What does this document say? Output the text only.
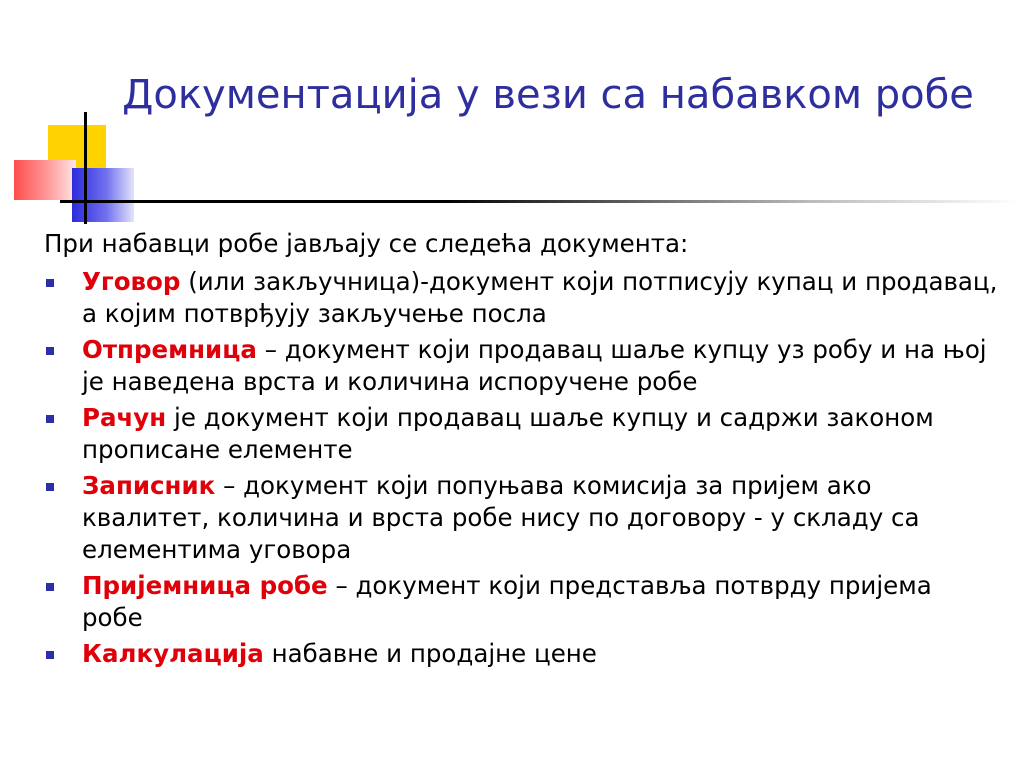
Документација у вези са набавком робе

При набавци робе јављају се следећа документа:

Уговор (или закључница)-документ који потписују купац и продавац, а којим потврђују закључење посла
Отпремница – документ који продавац шаље купцу уз робу и на њој је наведена врста и количина испоручене робе
Рачун је документ који продавац шаље купцу и садржи законом прописане елементе
Записник – документ који попуњава комисија за пријем ако квалитет, количина и врста робе нису по договору - у складу са елементима уговора
Пријемница робе – документ који представља потврду пријема робе
Калкулација набавне и продајне цене
